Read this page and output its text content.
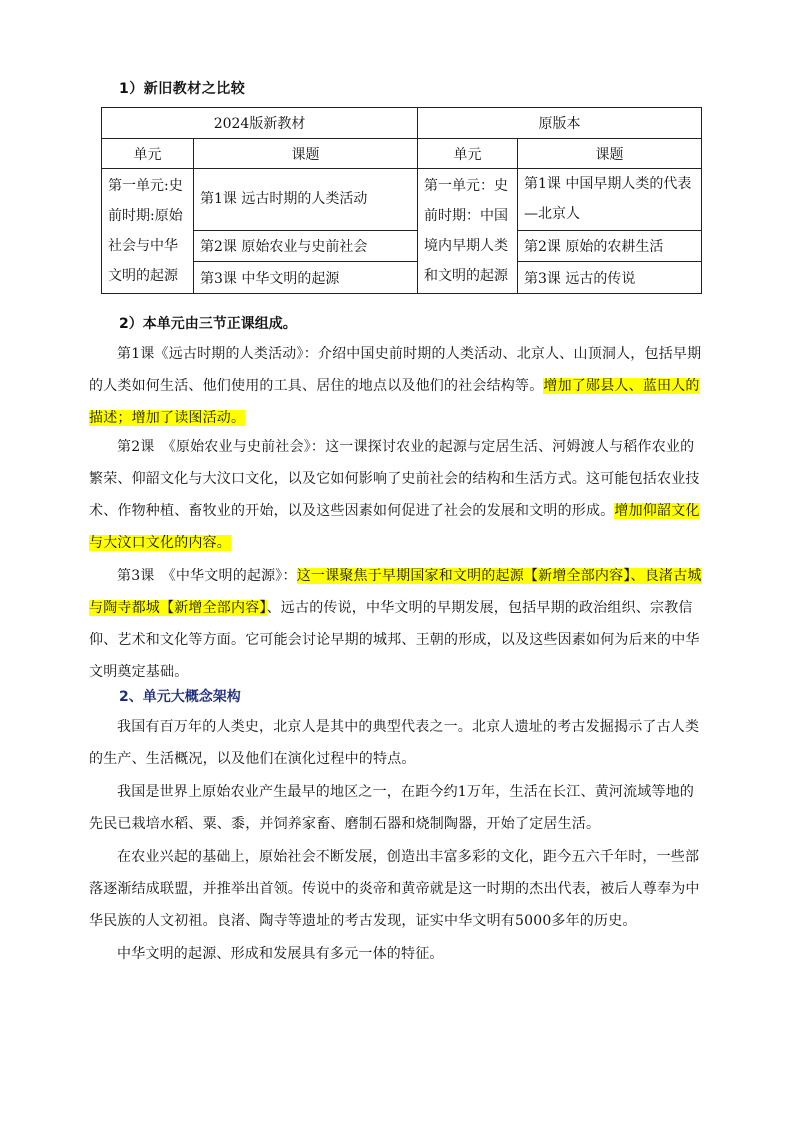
1）新旧教材之比较
2024版新教材		原版本	
单元	课题	单元	课题
第一单元:史前时期:原始社会与中华文明的起源	第1课 远古时期的人类活动	第一单元：史前时期：中国境内早期人类和文明的起源	第1课 中国早期人类的代表—北京人
	第2课 原始农业与史前社会		第2课 原始的农耕生活
	第3课 中华文明的起源		第3课 远古的传说
2）本单元由三节正课组成。

第1课《远古时期的人类活动》：介绍中国史前时期的人类活动、北京人、山顶洞人，包括早期的人类如何生活、他们使用的工具、居住的地点以及他们的社会结构等。增加了郧县人、蓝田人的描述；增加了读图活动。

第2课　《原始农业与史前社会》：这一课探讨农业的起源与定居生活、河姆渡人与稻作农业的繁荣、仰韶文化与大汶口文化，以及它如何影响了史前社会的结构和生活方式。这可能包括农业技术、作物种植、畜牧业的开始，以及这些因素如何促进了社会的发展和文明的形成。增加仰韶文化与大汶口文化的内容。

第3课　《中华文明的起源》：这一课聚焦于早期国家和文明的起源【新增全部内容】、良渚古城与陶寺都城【新增全部内容】、远古的传说，中华文明的早期发展，包括早期的政治组织、宗教信仰、艺术和文化等方面。它可能会讨论早期的城邦、王朝的形成，以及这些因素如何为后来的中华文明奠定基础。

2、单元大概念架构

我国有百万年的人类史，北京人是其中的典型代表之一。北京人遗址的考古发掘揭示了古人类的生产、生活概况，以及他们在演化过程中的特点。

我国是世界上原始农业产生最早的地区之一，在距今约1万年，生活在长江、黄河流域等地的先民已栽培水稻、粟、黍，并饲养家畜、磨制石器和烧制陶器，开始了定居生活。

在农业兴起的基础上，原始社会不断发展，创造出丰富多彩的文化，距今五六千年时，一些部落逐渐结成联盟，并推举出首领。传说中的炎帝和黄帝就是这一时期的杰出代表，被后人尊奉为中华民族的人文初祖。良渚、陶寺等遗址的考古发现，证实中华文明有5000多年的历史。

中华文明的起源、形成和发展具有多元一体的特征。
